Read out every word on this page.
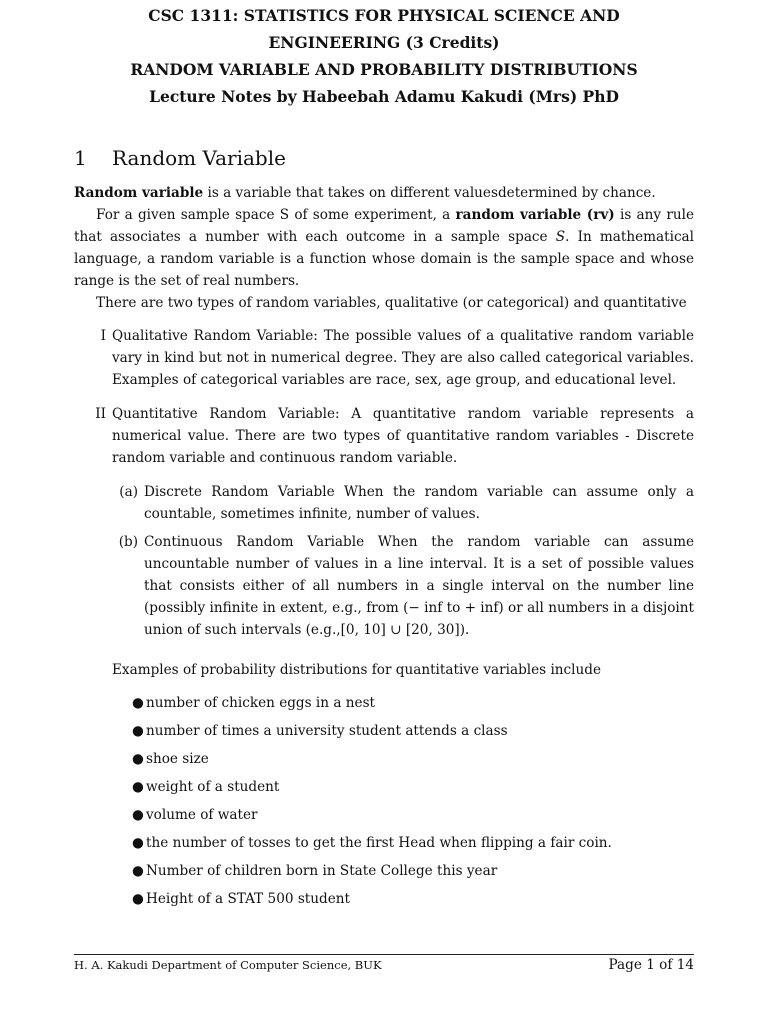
CSC 1311: STATISTICS FOR PHYSICAL SCIENCE AND
ENGINEERING (3 Credits)
RANDOM VARIABLE AND PROBABILITY DISTRIBUTIONS
Lecture Notes by Habeebah Adamu Kakudi (Mrs) PhD
1	Random Variable

Random variable is a variable that takes on different valuesdetermined by chance.

For a given sample space S of some experiment, a random variable (rv) is any rule that associates a number with each outcome in a sample space S. In mathematical language, a random variable is a function whose domain is the sample space and whose range is the set of real numbers.

There are two types of random variables, qualitative (or categorical) and quantitative

I Qualitative Random Variable: The possible values of a qualitative random variable vary in kind but not in numerical degree. They are also called categorical variables. Examples of categorical variables are race, sex, age group, and educational level.

II Quantitative Random Variable: A quantitative random variable represents a numerical value. There are two types of quantitative random variables - Discrete random variable and continuous random variable.

(a) Discrete Random Variable When the random variable can assume only a countable, sometimes infinite, number of values.

(b) Continuous Random Variable When the random variable can assume uncountable number of values in a line interval. It is a set of possible values that consists either of all numbers in a single interval on the number line (possibly infinite in extent, e.g., from (− inf to + inf) or all numbers in a disjoint union of such intervals (e.g.,[0, 10] ∪ [20, 30]).

Examples of probability distributions for quantitative variables include

● number of chicken eggs in a nest
● number of times a university student attends a class
● shoe size
● weight of a student
● volume of water
● the number of tosses to get the first Head when flipping a fair coin.
● Number of children born in State College this year
● Height of a STAT 500 student
H. A. Kakudi Department of Computer Science, BUK	Page 1 of 14
